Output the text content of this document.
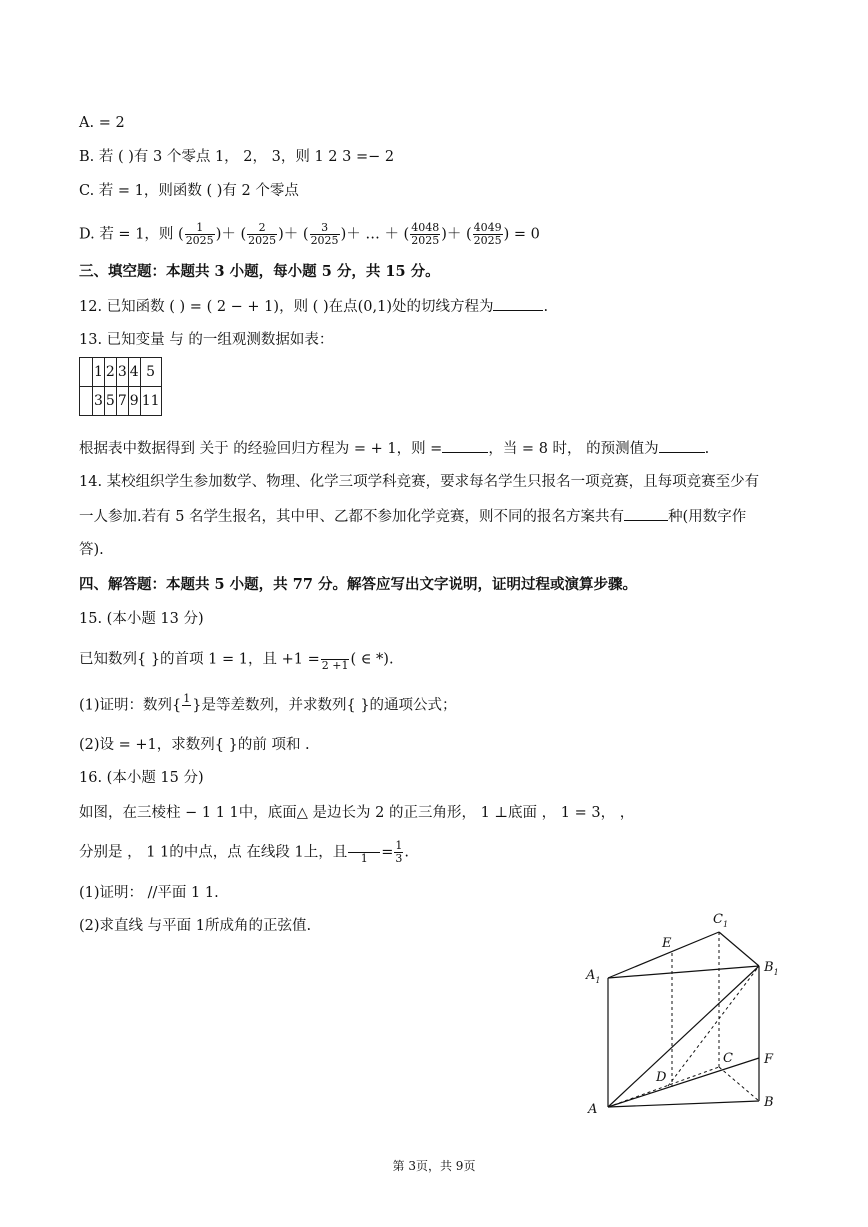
A. = 2
B. 若 ( )有 3 个零点 1， 2， 3，则 1 2 3 =− 2
C. 若 = 1，则函数 ( )有 2 个零点
D. 若 = 1，则 ( $\frac{1}{2025}$ )＋ ( $\frac{2}{2025}$ )＋ ( $\frac{3}{2025}$ )＋ … ＋ ( $\frac{4048}{2025}$ )＋ ( $\frac{4049}{2025}$ ) = 0
三、填空题：本题共 3 小题，每小题 5 分，共 15 分。
12. 已知函数 ( ) = ( 2 − + 1)，则 ( )在点(0,1)处的切线方程为	.
13. 已知变量 与 的一组观测数据如表：
	1	2	3	4	5
	3	5	7	9	11
根据表中数据得到 关于 的经验回归方程为 = + 1，则 =	，当 = 8 时， 的预测值为	.
14. 某校组织学生参加数学、物理、化学三项学科竞赛，要求每名学生只报名一项竞赛，且每项竞赛至少有
一人参加.若有 5 名学生报名，其中甲、乙都不参加化学竞赛，则不同的报名方案共有	种(用数字作
答).
四、解答题：本题共 5 小题，共 77 分。解答应写出文字说明，证明过程或演算步骤。
15. (本小题 13 分)
已知数列{ }的首项 1 = 1，且 +1 = 2 +1 ( ∈ *).
(1)证明：数列{ 1 }是等差数列，并求数列{ }的通项公式；
(2)设 = +1，求数列{ }的前 项和 .
16. (本小题 15 分)
如图，在三棱柱 − 1 1 1中，底面△ 是边长为 2 的正三角形， 1 ⊥底面 ， 1 = 3， ，
分别是 ， 1 1的中点，点 在线段 1上，且	$1 = \frac{1}{3}$ .
(1)证明： //平面 1 1.
(2)求直线 与平面 1所成角的正弦值.
$A_1$
$C_1$
$B_1$
E
C F
D
A	B
第 3页，共 9页
